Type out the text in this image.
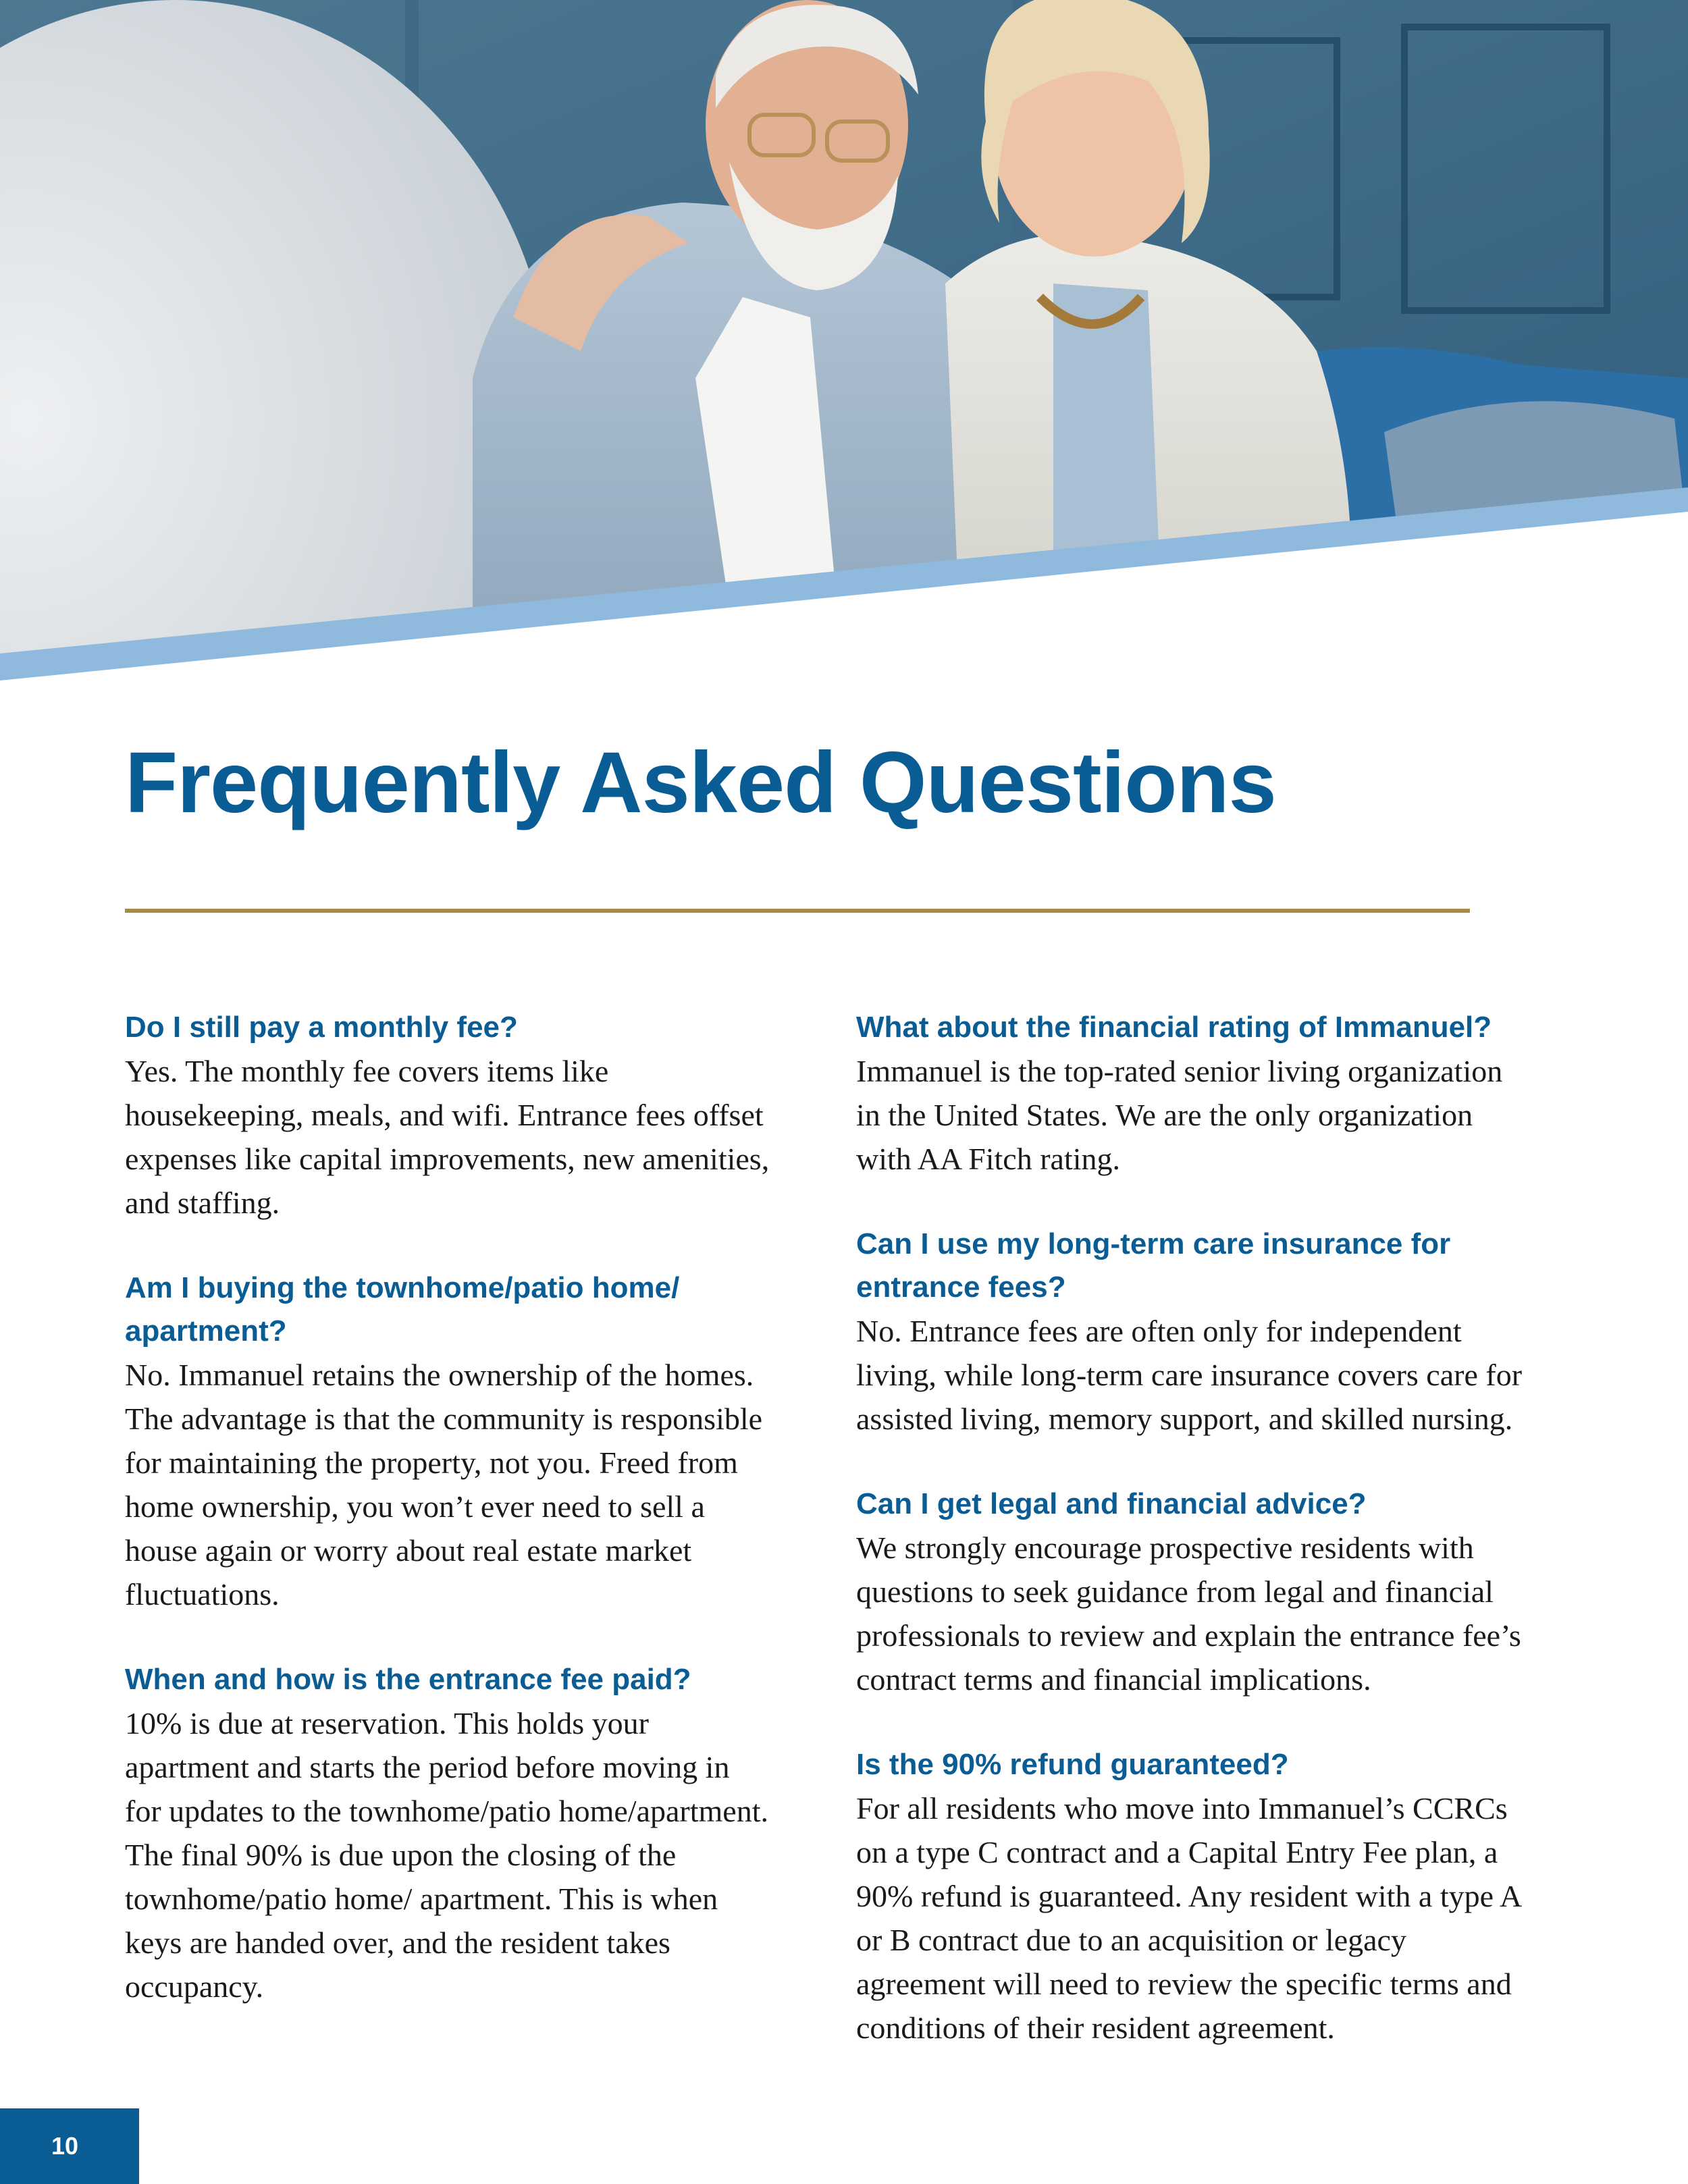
Frequently Asked Questions

Do I still pay a monthly fee?

Yes. The monthly fee covers items like housekeeping, meals, and wifi. Entrance fees offset expenses like capital improvements, new amenities, and staffing.

Am I buying the townhome/patio home/ apartment?

No. Immanuel retains the ownership of the homes. The advantage is that the community is responsible for maintaining the property, not you. Freed from home ownership, you won’t ever need to sell a house again or worry about real estate market fluctuations.

When and how is the entrance fee paid?

10% is due at reservation. This holds your apartment and starts the period before moving in for updates to the townhome/patio home/apartment. The final 90% is due upon the closing of the townhome/patio home/ apartment. This is when keys are handed over, and the resident takes occupancy.

What about the financial rating of Immanuel?

Immanuel is the top-rated senior living organization in the United States. We are the only organization with AA Fitch rating.

Can I use my long-term care insurance for entrance fees?

No. Entrance fees are often only for independent living, while long-term care insurance covers care for assisted living, memory support, and skilled nursing.

Can I get legal and financial advice?

We strongly encourage prospective residents with questions to seek guidance from legal and financial professionals to review and explain the entrance fee’s contract terms and financial implications.

Is the 90% refund guaranteed?

For all residents who move into Immanuel’s CCRCs on a type C contract and a Capital Entry Fee plan, a 90% refund is guaranteed. Any resident with a type A or B contract due to an acquisition or legacy agreement will need to review the specific terms and conditions of their resident agreement.

10
